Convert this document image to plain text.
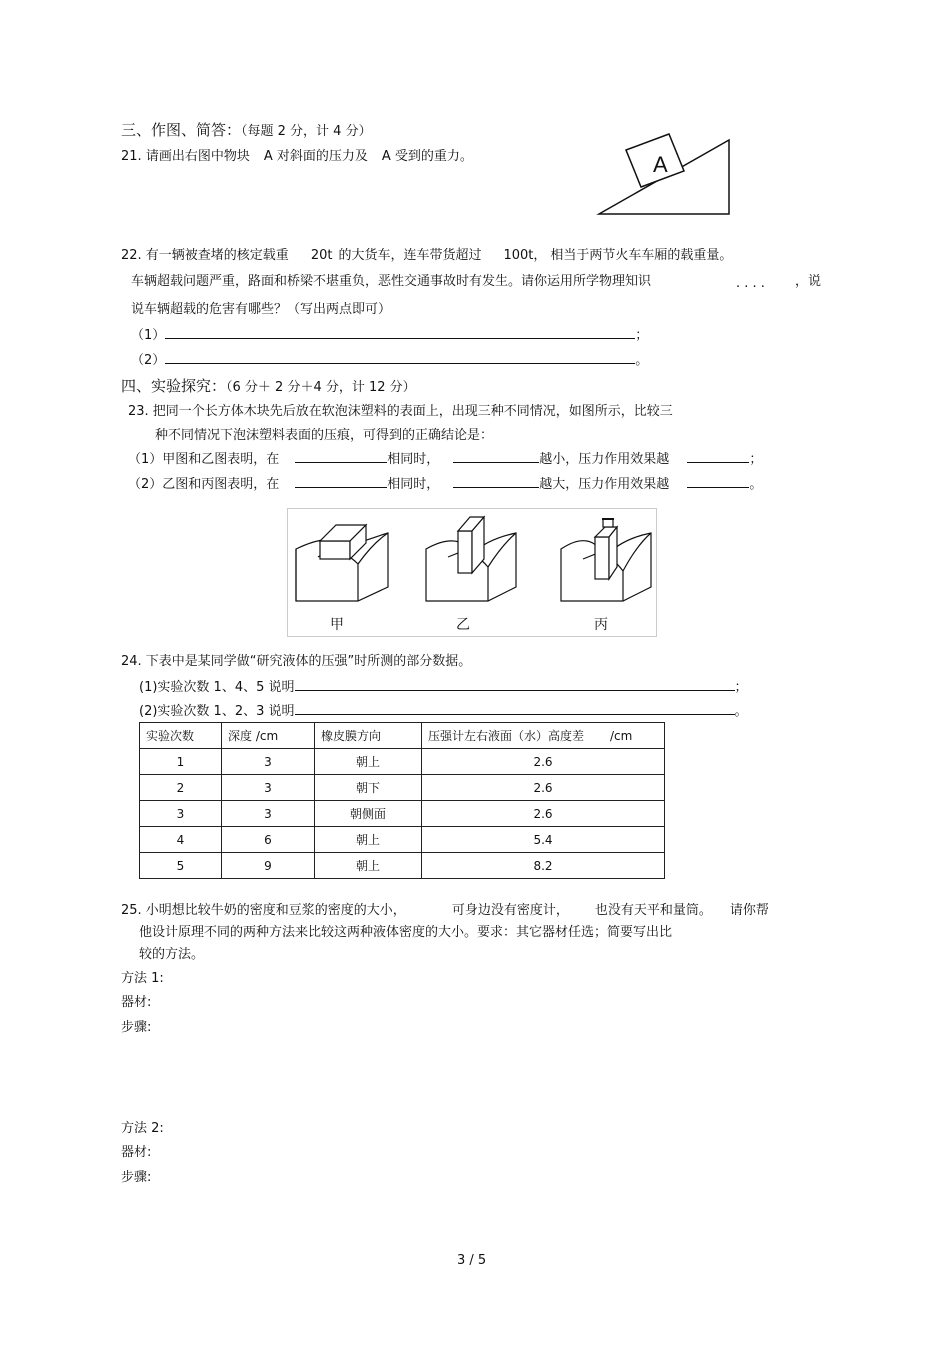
三、作图、简答：（每题 2 分，计 4 分）
21. 请画出右图中物块 A 对斜面的压力及 A 受到的重力。	A
22. 有一辆被查堵的核定载重 20t 的大货车，连车带货超过 100t， 相当于两节火车车厢的载重量。
车辆超载问题严重，路面和桥梁不堪重负，恶性交通事故时有发生。请你运用所学物理知识	. . . . ，说
说车辆超载的危害有哪些？（写出两点即可）
（1）	；
（2）	。
四、实验探究：（6 分＋ 2 分＋4 分，计 12 分）
23. 把同一个长方体木块先后放在软泡沫塑料的表面上，出现三种不同情况，如图所示，比较三
种不同情况下泡沫塑料表面的压痕，可得到的正确结论是：
（1）甲图和乙图表明，在	相同时，	越小，压力作用效果越	；
（2）乙图和丙图表明，在	相同时，	越大，压力作用效果越	。
甲	乙	丙
24. 下表中是某同学做“研究液体的压强”时所测的部分数据。
(1)实验次数 1、4、5 说明	；
(2)实验次数 1、2、3 说明	。
实验次数	深度 /cm	橡皮膜方向	压强计左右液面（水）高度差 /cm
1	3	朝上	2.6
2	3	朝下	2.6
3	3	朝侧面	2.6
4	6	朝上	5.4
5	9	朝上	8.2
25. 小明想比较牛奶的密度和豆浆的密度的大小，	可身边没有密度计， 也没有天平和量筒。 请你帮
他设计原理不同的两种方法来比较这两种液体密度的大小。要求：其它器材任选；简要写出比
较的方法。
方法 1:
器材:
步骤:
方法 2:
器材:
步骤:
3 / 5
